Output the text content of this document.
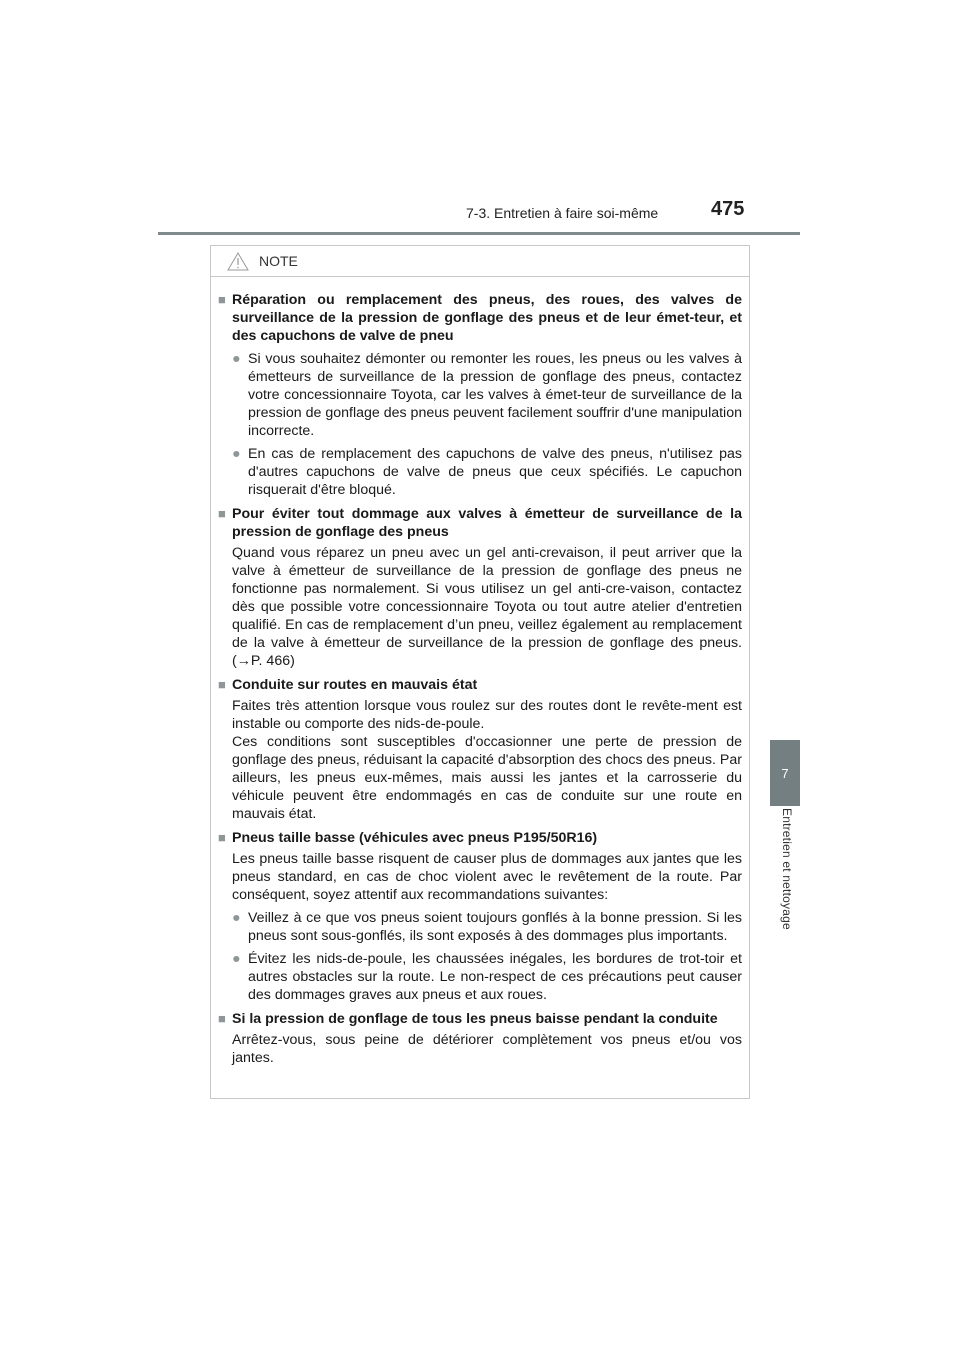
7-3. Entretien à faire soi-même	475
7
Entretien et nettoyage
NOTE
■ Réparation ou remplacement des pneus, des roues, des valves de surveillance de la pression de gonflage des pneus et de leur émet-teur, et des capuchons de valve de pneu
● Si vous souhaitez démonter ou remonter les roues, les pneus ou les valves à émetteurs de surveillance de la pression de gonflage des pneus, contactez votre concessionnaire Toyota, car les valves à émet-teur de surveillance de la pression de gonflage des pneus peuvent facilement souffrir d'une manipulation incorrecte.
● En cas de remplacement des capuchons de valve des pneus, n'utilisez pas d'autres capuchons de valve de pneus que ceux spécifiés. Le capuchon risquerait d'être bloqué.
■ Pour éviter tout dommage aux valves à émetteur de surveillance de la pression de gonflage des pneus
Quand vous réparez un pneu avec un gel anti-crevaison, il peut arriver que la valve à émetteur de surveillance de la pression de gonflage des pneus ne fonctionne pas normalement. Si vous utilisez un gel anti-cre-vaison, contactez dès que possible votre concessionnaire Toyota ou tout autre atelier d'entretien qualifié. En cas de remplacement d’un pneu, veillez également au remplacement de la valve à émetteur de surveillance de la pression de gonflage des pneus. (→P. 466)
■ Conduite sur routes en mauvais état
Faites très attention lorsque vous roulez sur des routes dont le revête-ment est instable ou comporte des nids-de-poule.
Ces conditions sont susceptibles d'occasionner une perte de pression de gonflage des pneus, réduisant la capacité d'absorption des chocs des pneus. Par ailleurs, les pneus eux-mêmes, mais aussi les jantes et la carrosserie du véhicule peuvent être endommagés en cas de conduite sur une route en mauvais état.
■ Pneus taille basse (véhicules avec pneus P195/50R16)
Les pneus taille basse risquent de causer plus de dommages aux jantes que les pneus standard, en cas de choc violent avec le revêtement de la route. Par conséquent, soyez attentif aux recommandations suivantes:
● Veillez à ce que vos pneus soient toujours gonflés à la bonne pression. Si les pneus sont sous-gonflés, ils sont exposés à des dommages plus importants.
● Évitez les nids-de-poule, les chaussées inégales, les bordures de trot-toir et autres obstacles sur la route. Le non-respect de ces précautions peut causer des dommages graves aux pneus et aux roues.
■ Si la pression de gonflage de tous les pneus baisse pendant la conduite
Arrêtez-vous, sous peine de détériorer complètement vos pneus et/ou vos jantes.
